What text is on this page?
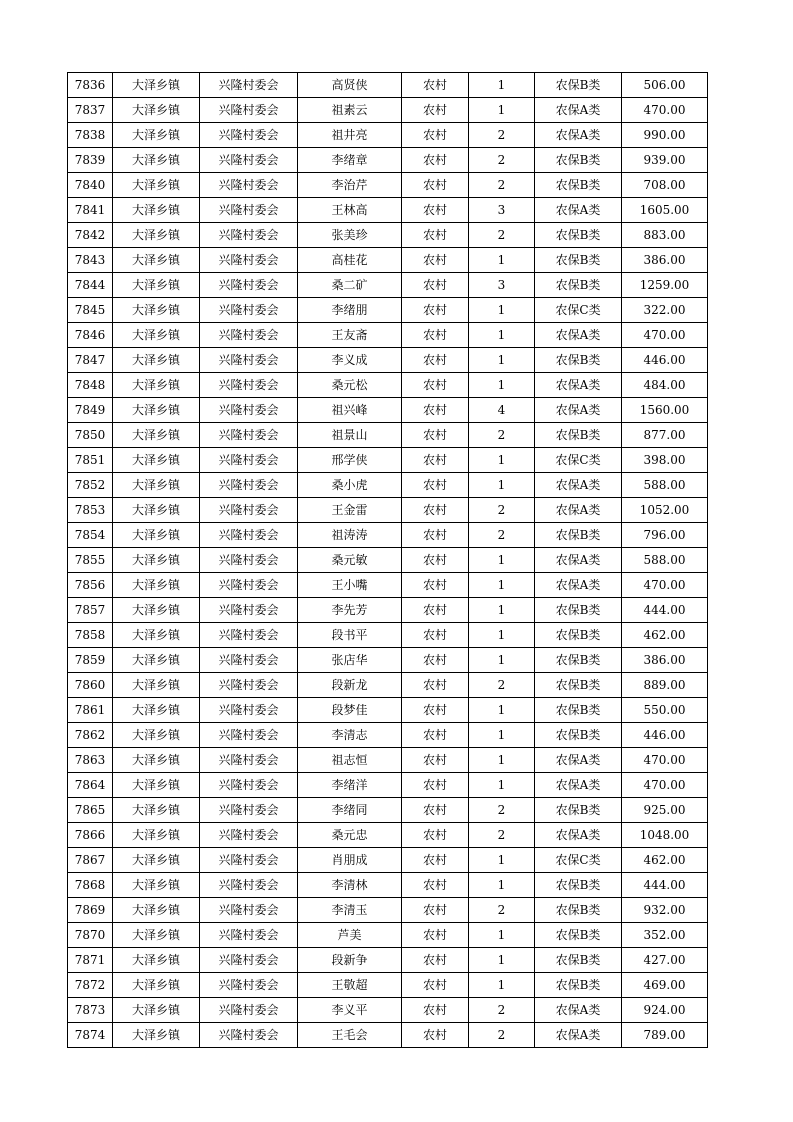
7836	大泽乡镇	兴隆村委会	高贤侠	农村	1	农保B类	506.00
7837	大泽乡镇	兴隆村委会	祖素云	农村	1	农保A类	470.00
7838	大泽乡镇	兴隆村委会	祖井亮	农村	2	农保A类	990.00
7839	大泽乡镇	兴隆村委会	李绪章	农村	2	农保B类	939.00
7840	大泽乡镇	兴隆村委会	李治芹	农村	2	农保B类	708.00
7841	大泽乡镇	兴隆村委会	王林高	农村	3	农保A类	1605.00
7842	大泽乡镇	兴隆村委会	张美珍	农村	2	农保B类	883.00
7843	大泽乡镇	兴隆村委会	高桂花	农村	1	农保B类	386.00
7844	大泽乡镇	兴隆村委会	桑二矿	农村	3	农保B类	1259.00
7845	大泽乡镇	兴隆村委会	李绪朋	农村	1	农保C类	322.00
7846	大泽乡镇	兴隆村委会	王友斋	农村	1	农保A类	470.00
7847	大泽乡镇	兴隆村委会	李义成	农村	1	农保B类	446.00
7848	大泽乡镇	兴隆村委会	桑元松	农村	1	农保A类	484.00
7849	大泽乡镇	兴隆村委会	祖兴峰	农村	4	农保A类	1560.00
7850	大泽乡镇	兴隆村委会	祖景山	农村	2	农保B类	877.00
7851	大泽乡镇	兴隆村委会	邢学侠	农村	1	农保C类	398.00
7852	大泽乡镇	兴隆村委会	桑小虎	农村	1	农保A类	588.00
7853	大泽乡镇	兴隆村委会	王金雷	农村	2	农保A类	1052.00
7854	大泽乡镇	兴隆村委会	祖涛涛	农村	2	农保B类	796.00
7855	大泽乡镇	兴隆村委会	桑元敏	农村	1	农保A类	588.00
7856	大泽乡镇	兴隆村委会	王小嘴	农村	1	农保A类	470.00
7857	大泽乡镇	兴隆村委会	李先芳	农村	1	农保B类	444.00
7858	大泽乡镇	兴隆村委会	段书平	农村	1	农保B类	462.00
7859	大泽乡镇	兴隆村委会	张店华	农村	1	农保B类	386.00
7860	大泽乡镇	兴隆村委会	段新龙	农村	2	农保B类	889.00
7861	大泽乡镇	兴隆村委会	段梦佳	农村	1	农保B类	550.00
7862	大泽乡镇	兴隆村委会	李清志	农村	1	农保B类	446.00
7863	大泽乡镇	兴隆村委会	祖志恒	农村	1	农保A类	470.00
7864	大泽乡镇	兴隆村委会	李绪洋	农村	1	农保A类	470.00
7865	大泽乡镇	兴隆村委会	李绪同	农村	2	农保B类	925.00
7866	大泽乡镇	兴隆村委会	桑元忠	农村	2	农保A类	1048.00
7867	大泽乡镇	兴隆村委会	肖朋成	农村	1	农保C类	462.00
7868	大泽乡镇	兴隆村委会	李清林	农村	1	农保B类	444.00
7869	大泽乡镇	兴隆村委会	李清玉	农村	2	农保B类	932.00
7870	大泽乡镇	兴隆村委会	芦美	农村	1	农保B类	352.00
7871	大泽乡镇	兴隆村委会	段新争	农村	1	农保B类	427.00
7872	大泽乡镇	兴隆村委会	王敬超	农村	1	农保B类	469.00
7873	大泽乡镇	兴隆村委会	李义平	农村	2	农保A类	924.00
7874	大泽乡镇	兴隆村委会	王毛会	农村	2	农保A类	789.00
